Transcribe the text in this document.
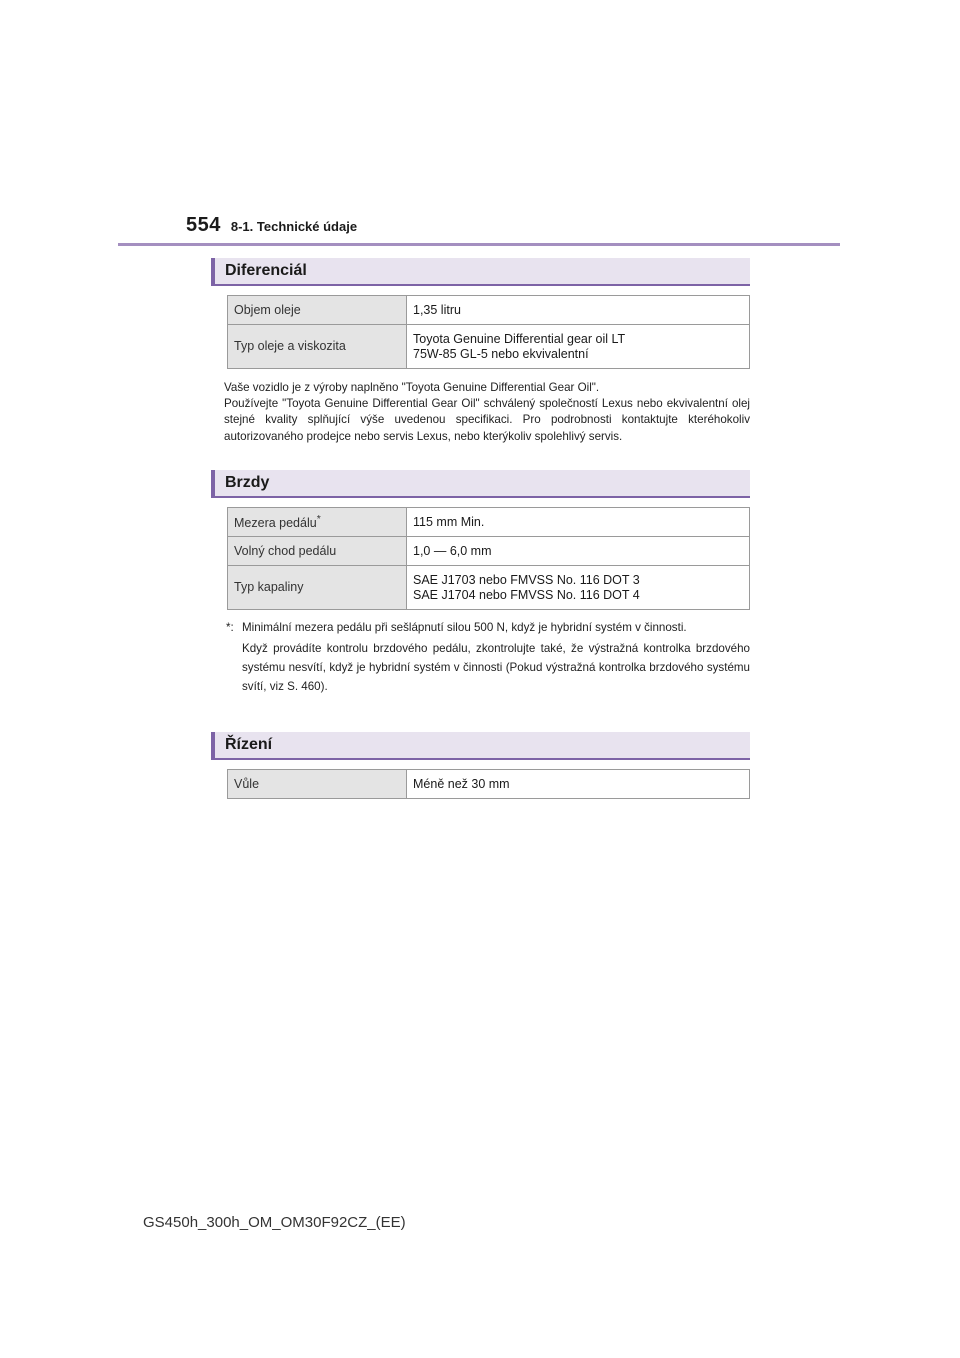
554 8-1. Technické údaje
Diferenciál
Objem oleje	1,35 litru

Typ oleje a viskozita	Toyota Genuine Differential gear oil LT
75W-85 GL-5 nebo ekvivalentní

Vaše vozidlo je z výroby naplněno "Toyota Genuine Differential Gear Oil".

Používejte "Toyota Genuine Differential Gear Oil" schválený společností Lexus nebo ekvivalentní olej stejné kvality splňující výše uvedenou specifikaci. Pro podrobnosti kontaktujte kteréhokoliv autorizovaného prodejce nebo servis Lexus, nebo kterýkoliv spolehlivý servis.

Brzdy
Mezera pedálu*	115 mm Min.

Volný chod pedálu	1,0 — 6,0 mm

Typ kapaliny	SAE J1703 nebo FMVSS No. 116 DOT 3
SAE J1704 nebo FMVSS No. 116 DOT 4
*: Minimální mezera pedálu při sešlápnutí silou 500 N, když je hybridní systém v činnosti.
Když provádíte kontrolu brzdového pedálu, zkontrolujte také, že výstražná kontrolka brzdového systému nesvítí, když je hybridní systém v činnosti (Pokud výstražná kontrolka brzdového systému svítí, viz S. 460).
Řízení
Vůle	Méně než 30 mm
GS450h_300h_OM_OM30F92CZ_(EE)
